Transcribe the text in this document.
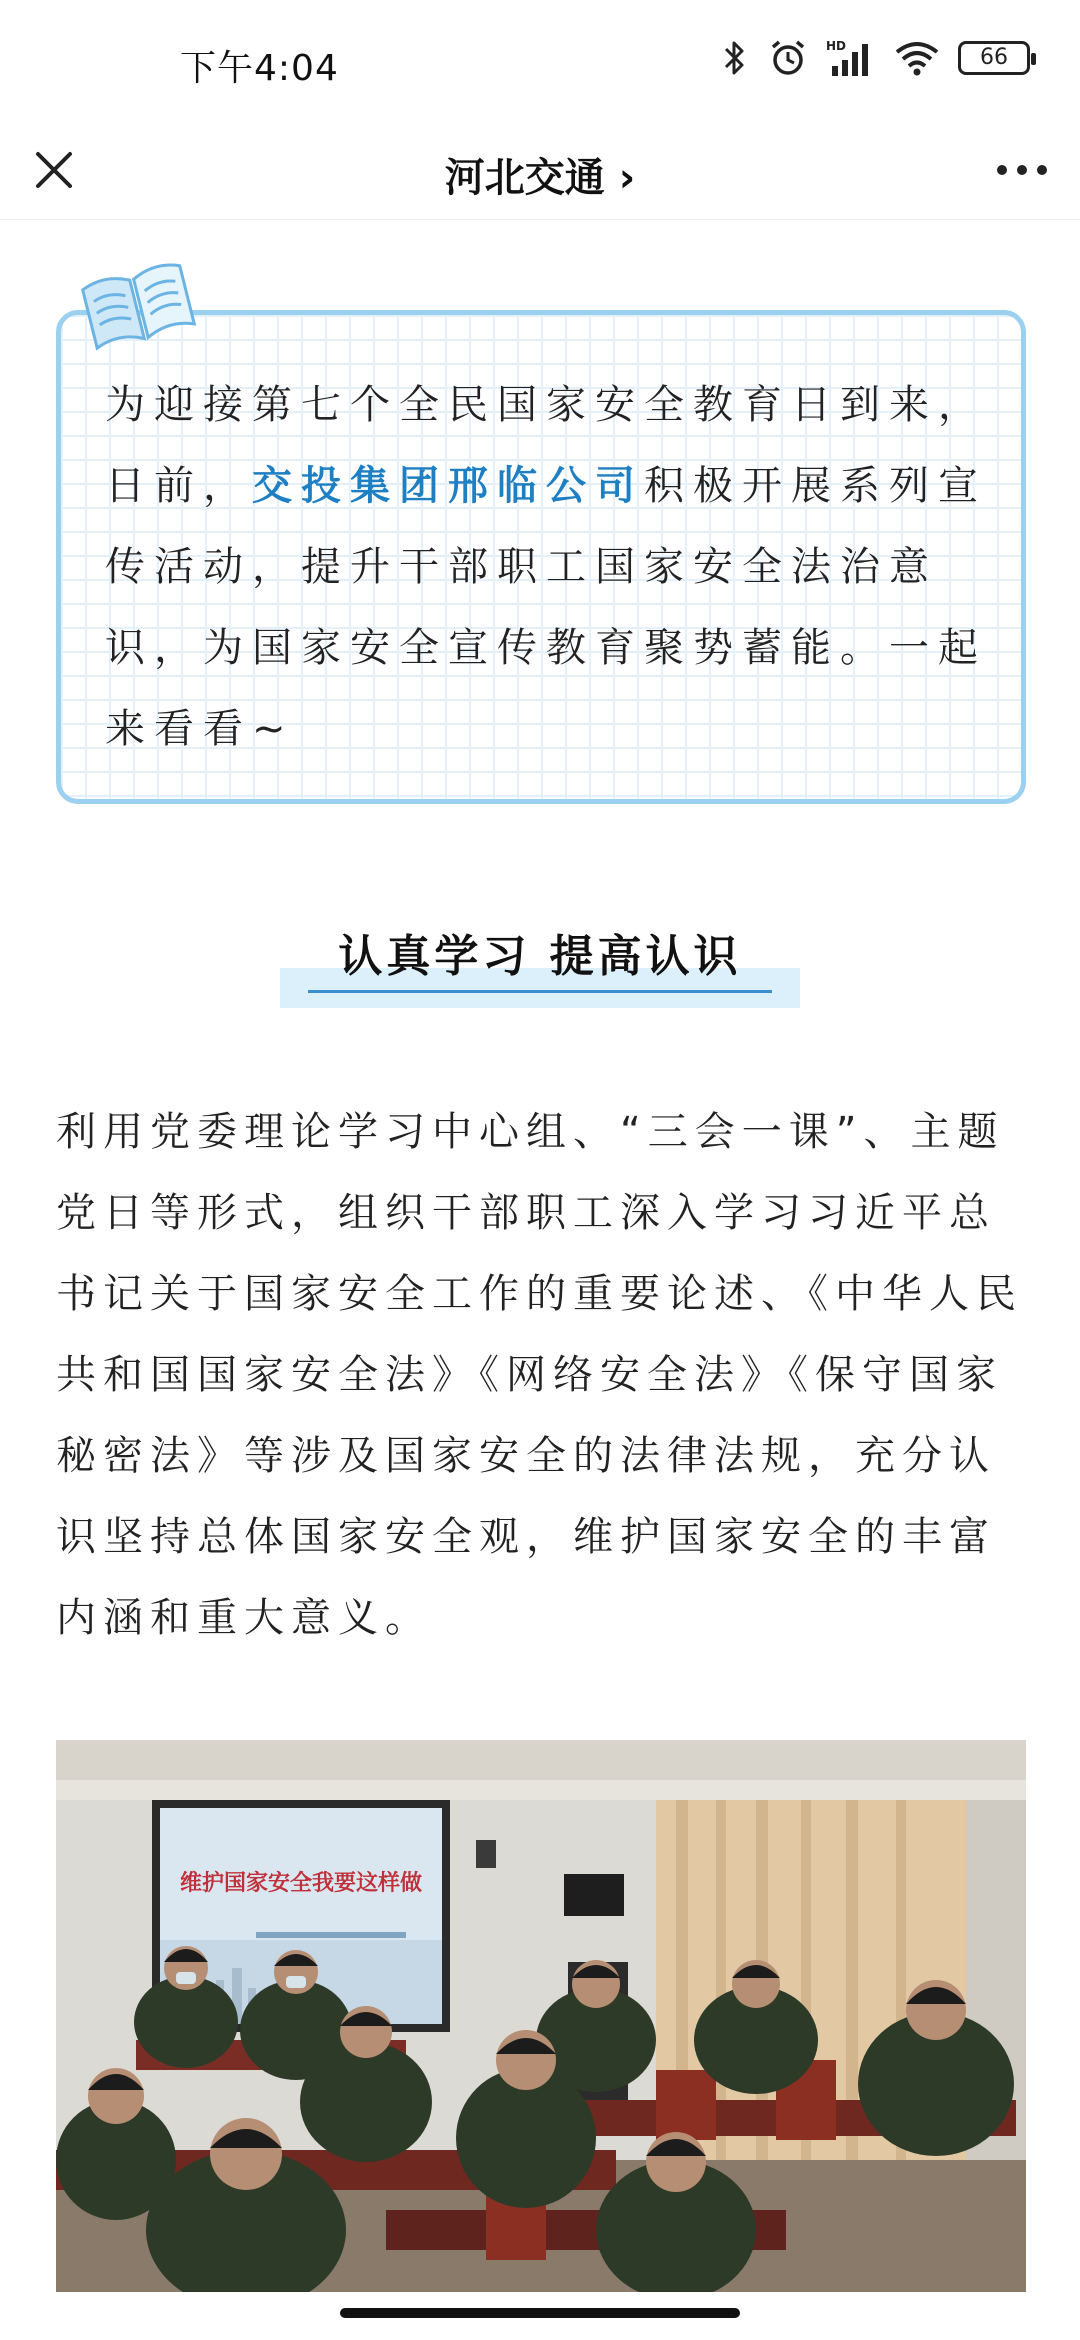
下午4:04
HD	66
河北交通 ›
为迎接第七个全民国家安全教育日到来，日前，交投集团邢临公司积极开展系列宣传活动，提升干部职工国家安全法治意识，为国家安全宣传教育聚势蓄能。一起来看看~
认真学习 提高认识
利用党委理论学习中心组、“三会一课”、主题党日等形式，组织干部职工深入学习习近平总书记关于国家安全工作的重要论述、《中华人民共和国国家安全法》《网络安全法》《保守国家秘密法》等涉及国家安全的法律法规，充分认识坚持总体国家安全观，维护国家安全的丰富内涵和重大意义。
维护国家安全我要这样做
